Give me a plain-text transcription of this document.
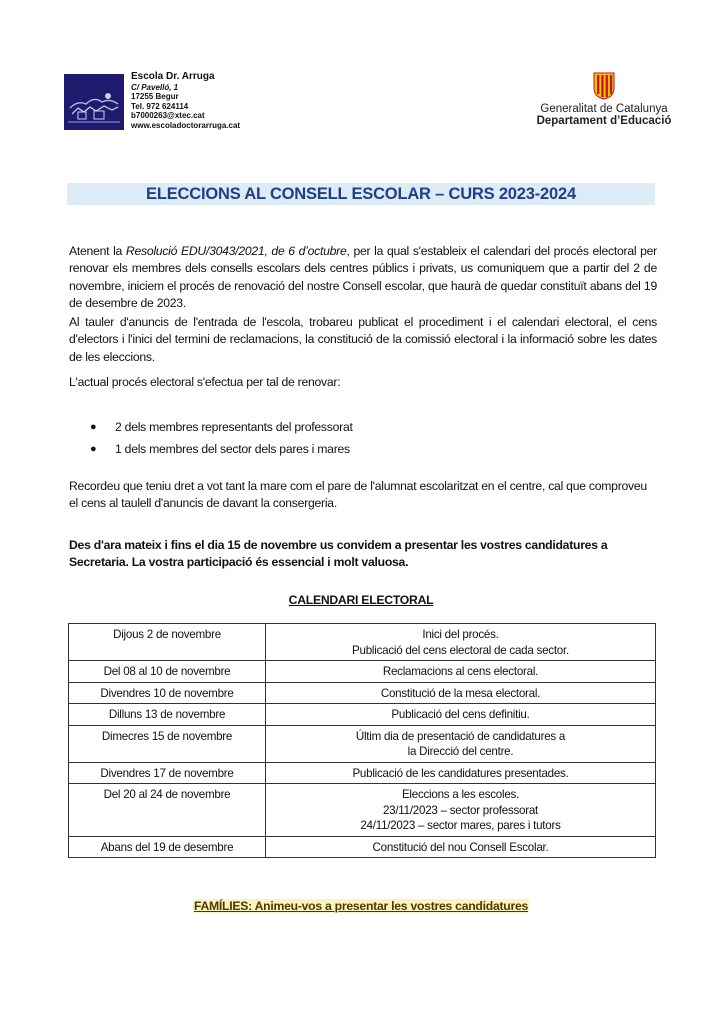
Escola Dr. Arruga
C/ Pavelló, 1
17255 Begur
Tel. 972 624114
b7000263@xtec.cat
www.escoladoctorarruga.cat
Generalitat de Catalunya
Departament d’Educació
ELECCIONS AL CONSELL ESCOLAR – CURS 2023-2024
Atenent la Resolució EDU/3043/2021, de 6 d’octubre, per la qual s'estableix el calendari del procés electoral per renovar els membres dels consells escolars dels centres públics i privats, us comuniquem que a partir del 2 de novembre, iniciem el procés de renovació del nostre Consell escolar, que haurà de quedar constituït abans del 19 de desembre de 2023.
Al tauler d'anuncis de l'entrada de l'escola, trobareu publicat el procediment i el calendari electoral, el cens d'electors i l'inici del termini de reclamacions, la constitució de la comissió electoral i la informació sobre les dates de les eleccions.
L'actual procés electoral s'efectua per tal de renovar:
● 2 dels membres representants del professorat
● 1 dels membres del sector dels pares i mares
Recordeu que teniu dret a vot tant la mare com el pare de l'alumnat escolaritzat en el centre, cal que comproveu el cens al taulell d'anuncis de davant la consergeria.
Des d'ara mateix i fins el dia 15 de novembre us convidem a presentar les vostres candidatures a Secretaria. La vostra participació és essencial i molt valuosa.
CALENDARI ELECTORAL
Dijous 2 de novembre	Inici del procés.
Publicació del cens electoral de cada sector.

Del 08 al 10 de novembre	Reclamacions al cens electoral.

Divendres 10 de novembre	Constitució de la mesa electoral.

Dilluns 13 de novembre	Publicació del cens definitiu.

Dimecres 15 de novembre	Últim dia de presentació de candidatures a
la Direcció del centre.

Divendres 17 de novembre	Publicació de les candidatures presentades.

Del 20 al 24 de novembre	Eleccions a les escoles.
23/11/2023 – sector professorat
24/11/2023 – sector mares, pares i tutors

Abans del 19 de desembre	Constitució del nou Consell Escolar.
FAMÍLIES: Animeu-vos a presentar les vostres candidatures
